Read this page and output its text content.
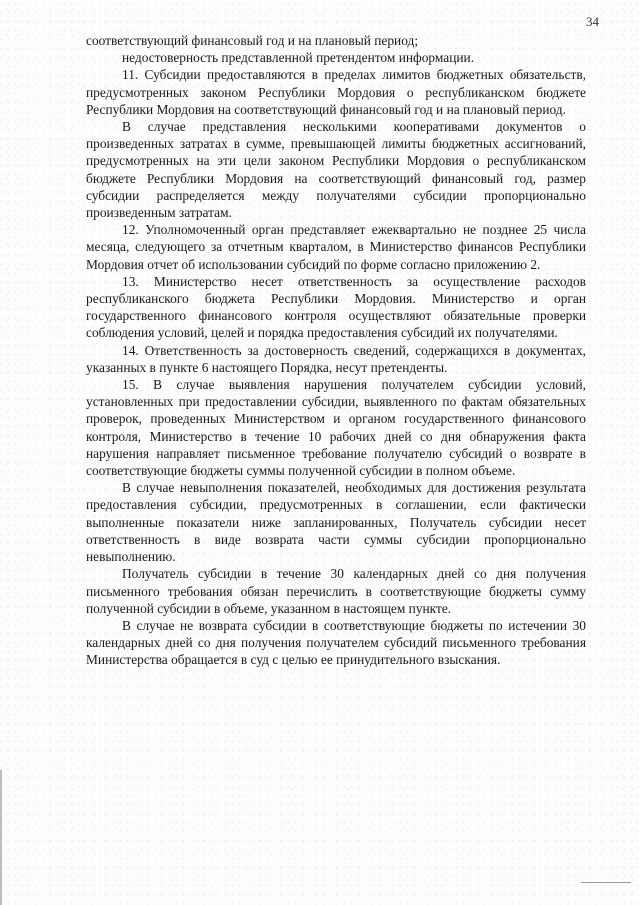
34

соответствующий финансовый год и на плановый период;

недостоверность представленной претендентом информации.

11. Субсидии предоставляются в пределах лимитов бюджетных обязательств, предусмотренных законом Республики Мордовия о республиканском бюджете Республики Мордовия на соответствующий финансовый год и на плановый период.

В случае представления несколькими кооперативами документов о произведенных затратах в сумме, превышающей лимиты бюджетных ассигнований, предусмотренных на эти цели законом Республики Мордовия о республиканском бюджете Республики Мордовия на соответствующий финансовый год, размер субсидии распределяется между получателями субсидии пропорционально произведенным затратам.

12. Уполномоченный орган представляет ежеквартально не позднее 25 числа месяца, следующего за отчетным кварталом, в Министерство финансов Республики Мордовия отчет об использовании субсидий по форме согласно приложению 2.

13. Министерство несет ответственность за осуществление расходов республиканского бюджета Республики Мордовия. Министерство и орган государственного финансового контроля осуществляют обязательные проверки соблюдения условий, целей и порядка предоставления субсидий их получателями.

14. Ответственность за достоверность сведений, содержащихся в документах, указанных в пункте 6 настоящего Порядка, несут претенденты.

15. В случае выявления нарушения получателем субсидии условий, установленных при предоставлении субсидии, выявленного по фактам обязательных проверок, проведенных Министерством и органом государственного финансового контроля, Министерство в течение 10 рабочих дней со дня обнаружения факта нарушения направляет письменное требование получателю субсидий о возврате в соответствующие бюджеты суммы полученной субсидии в полном объеме.

В случае невыполнения показателей, необходимых для достижения результата предоставления субсидии, предусмотренных в соглашении, если фактически выполненные показатели ниже запланированных, Получатель субсидии несет ответственность в виде возврата части суммы субсидии пропорционально невыполнению.

Получатель субсидии в течение 30 календарных дней со дня получения письменного требования обязан перечислить в соответствующие бюджеты сумму полученной субсидии в объеме, указанном в настоящем пункте.

В случае не возврата субсидии в соответствующие бюджеты по истечении 30 календарных дней со дня получения получателем субсидий письменного требования Министерства обращается в суд с целью ее принудительного взыскания.
